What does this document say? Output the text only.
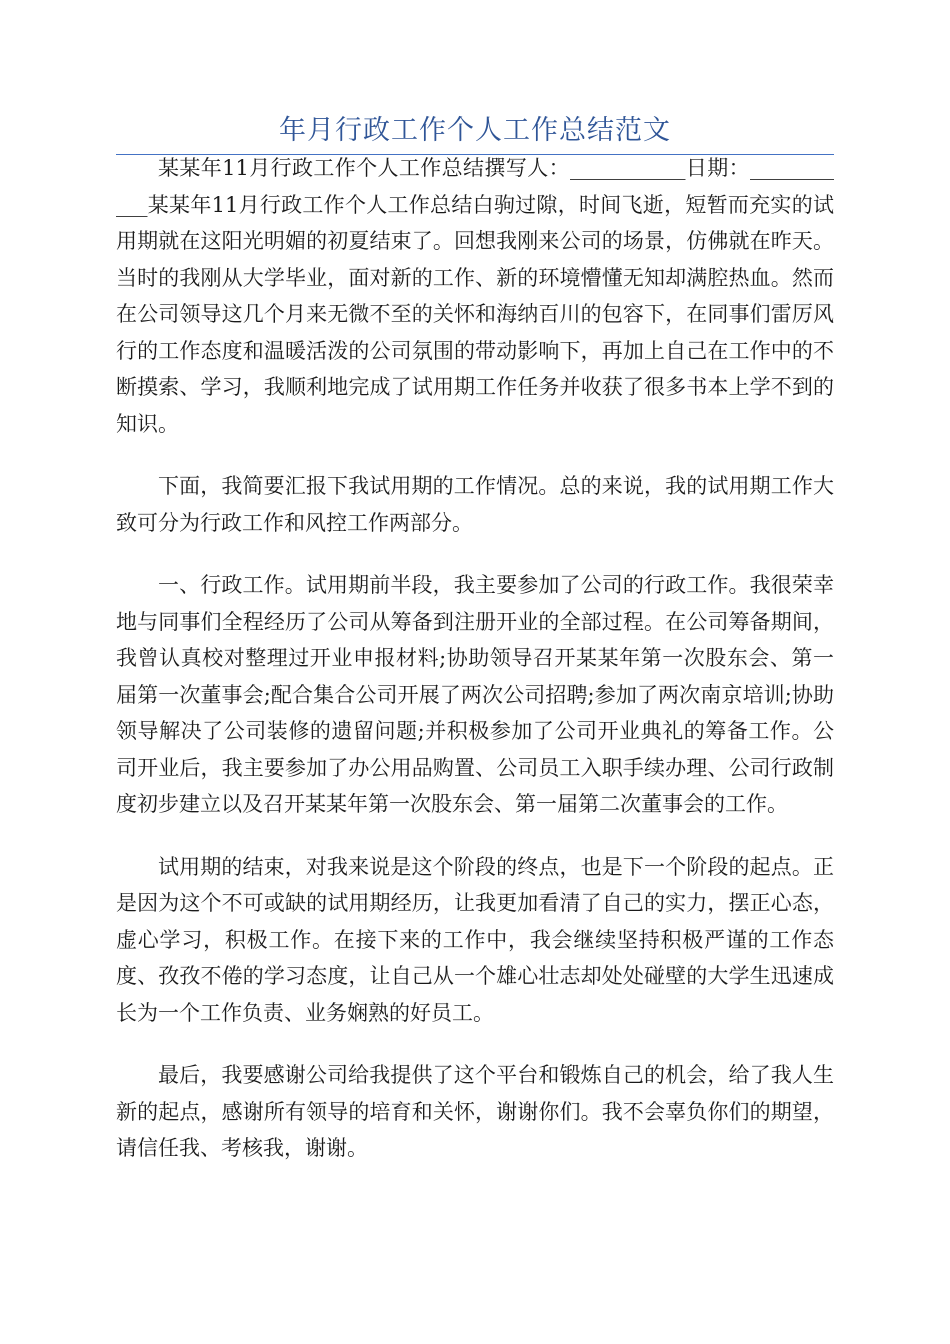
年月行政工作个人工作总结范文

某某年11月行政工作个人工作总结撰写人：___________日期：___________某某年11月行政工作个人工作总结白驹过隙，时间飞逝，短暂而充实的试用期就在这阳光明媚的初夏结束了。回想我刚来公司的场景，仿佛就在昨天。当时的我刚从大学毕业，面对新的工作、新的环境懵懂无知却满腔热血。然而在公司领导这几个月来无微不至的关怀和海纳百川的包容下，在同事们雷厉风行的工作态度和温暖活泼的公司氛围的带动影响下，再加上自己在工作中的不断摸索、学习，我顺利地完成了试用期工作任务并收获了很多书本上学不到的知识。

下面，我简要汇报下我试用期的工作情况。总的来说，我的试用期工作大致可分为行政工作和风控工作两部分。

一、行政工作。试用期前半段，我主要参加了公司的行政工作。我很荣幸地与同事们全程经历了公司从筹备到注册开业的全部过程。在公司筹备期间，我曾认真校对整理过开业申报材料;协助领导召开某某年第一次股东会、第一届第一次董事会;配合集合公司开展了两次公司招聘;参加了两次南京培训;协助领导解决了公司装修的遗留问题;并积极参加了公司开业典礼的筹备工作。公司开业后，我主要参加了办公用品购置、公司员工入职手续办理、公司行政制度初步建立以及召开某某年第一次股东会、第一届第二次董事会的工作。

试用期的结束，对我来说是这个阶段的终点，也是下一个阶段的起点。正是因为这个不可或缺的试用期经历，让我更加看清了自己的实力，摆正心态，虚心学习，积极工作。在接下来的工作中，我会继续坚持积极严谨的工作态度、孜孜不倦的学习态度，让自己从一个雄心壮志却处处碰壁的大学生迅速成长为一个工作负责、业务娴熟的好员工。

最后，我要感谢公司给我提供了这个平台和锻炼自己的机会，给了我人生新的起点，感谢所有领导的培育和关怀，谢谢你们。我不会辜负你们的期望，请信任我、考核我，谢谢。
